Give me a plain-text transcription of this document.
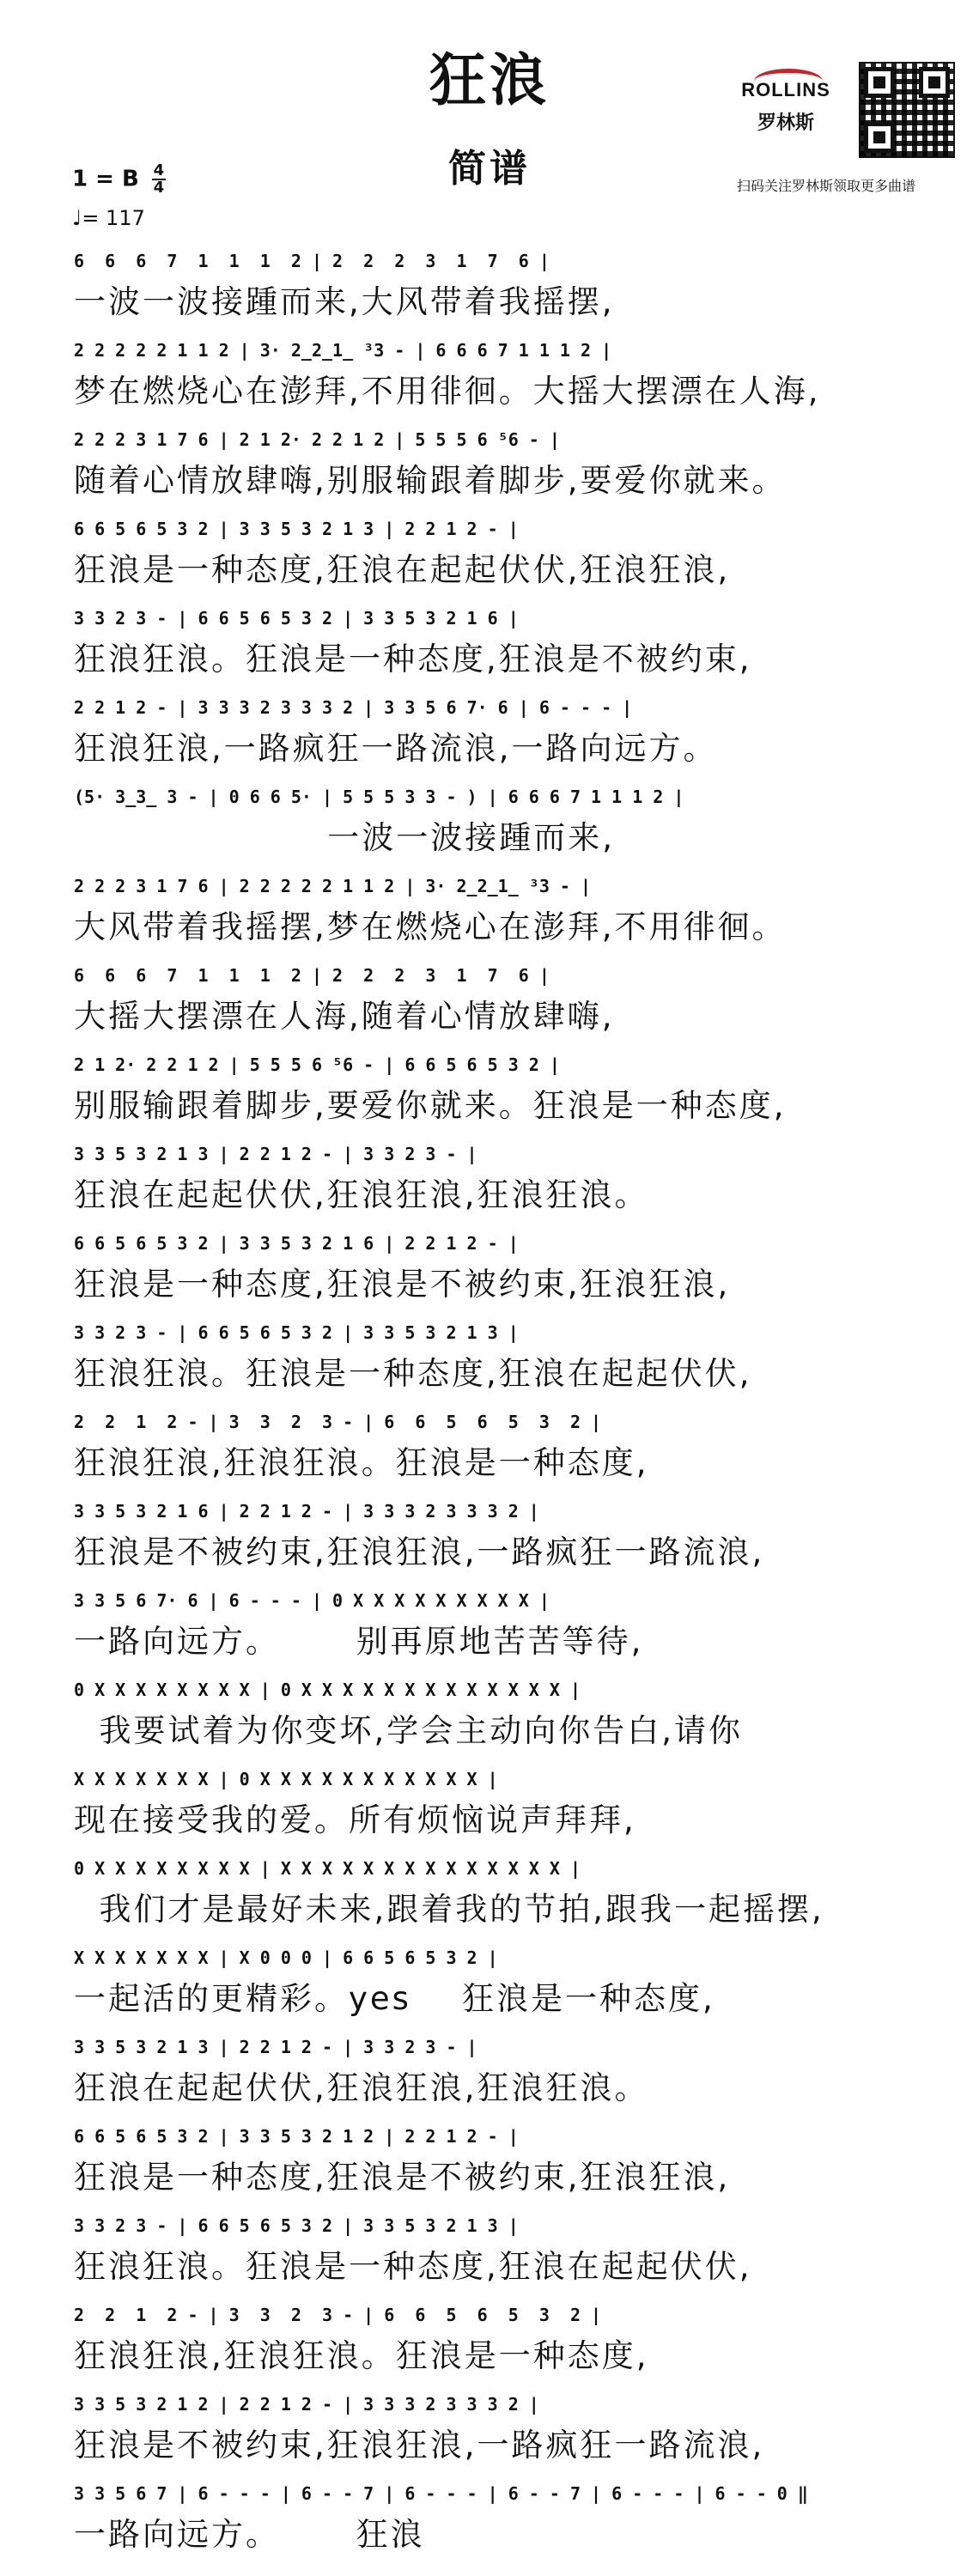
狂浪
简谱
1 = B $\frac{4}{4}$
♩= 117
ROLLINS
罗林斯
扫码关注罗林斯领取更多曲谱
6  6  6  7  1  1  1  2 | 2  2  2  3  1  7  6 |
一波一波接踵而来,大风带着我摇摆,
2 2 2 2 2 1 1 2 | 3· 2̲2̲1̲ ³3 - | 6 6 6 7 1 1 1 2 |
梦在燃烧心在澎拜,不用徘徊。大摇大摆漂在人海,
2 2 2 3 1 7 6 | 2 1 2· 2 2 1 2 | 5 5 5 6 ⁵6 - |
随着心情放肆嗨,别服输跟着脚步,要爱你就来。
6 6 5 6 5 3 2 | 3 3 5 3 2 1 3 | 2 2 1 2 - |
狂浪是一种态度,狂浪在起起伏伏,狂浪狂浪,
3 3 2 3 - | 6 6 5 6 5 3 2 | 3 3 5 3 2 1 6 |
狂浪狂浪。狂浪是一种态度,狂浪是不被约束,
2 2 1 2 - | 3 3 3 2 3 3 3 2 | 3 3 5 6 7· 6 | 6 - - - |
狂浪狂浪,一路疯狂一路流浪,一路向远方。
(5· 3̲3̲ 3 - | 0 6 6 5· | 5 5 5 3 3 - ) | 6 6 6 7 1 1 1 2 |
一波一波接踵而来,
2 2 2 3 1 7 6 | 2 2 2 2 2 1 1 2 | 3· 2̲2̲1̲ ³3 - |
大风带着我摇摆,梦在燃烧心在澎拜,不用徘徊。
6  6  6  7  1  1  1  2 | 2  2  2  3  1  7  6 |
大摇大摆漂在人海,随着心情放肆嗨,
2 1 2· 2 2 1 2 | 5 5 5 6 ⁵6 - | 6 6 5 6 5 3 2 |
别服输跟着脚步,要爱你就来。狂浪是一种态度,
3 3 5 3 2 1 3 | 2 2 1 2 - | 3 3 2 3 - |
狂浪在起起伏伏,狂浪狂浪,狂浪狂浪。
6 6 5 6 5 3 2 | 3 3 5 3 2 1 6 | 2 2 1 2 - |
狂浪是一种态度,狂浪是不被约束,狂浪狂浪,
3 3 2 3 - | 6 6 5 6 5 3 2 | 3 3 5 3 2 1 3 |
狂浪狂浪。狂浪是一种态度,狂浪在起起伏伏,
2  2  1  2 - | 3  3  2  3 - | 6  6  5  6  5  3  2 |
狂浪狂浪,狂浪狂浪。狂浪是一种态度,
3 3 5 3 2 1 6 | 2 2 1 2 - | 3 3 3 2 3 3 3 2 |
狂浪是不被约束,狂浪狂浪,一路疯狂一路流浪,
3 3 5 6 7· 6 | 6 - - - | 0 X X X X X X X X X |
一路向远方。      别再原地苦苦等待,
0 X X X X X X X X | 0 X X X X X X X X X X X X X |
我要试着为你变坏,学会主动向你告白,请你
X X X X X X X | 0 X X X X X X X X X X X |
现在接受我的爱。所有烦恼说声拜拜,
0 X X X X X X X X | X X X X X X X X X X X X X X |
我们才是最好未来,跟着我的节拍,跟我一起摇摆,
X X X X X X X | X 0 0 0 | 6 6 5 6 5 3 2 |
一起活的更精彩。yes    狂浪是一种态度,
3 3 5 3 2 1 3 | 2 2 1 2 - | 3 3 2 3 - |
狂浪在起起伏伏,狂浪狂浪,狂浪狂浪。
6 6 5 6 5 3 2 | 3 3 5 3 2 1 2 | 2 2 1 2 - |
狂浪是一种态度,狂浪是不被约束,狂浪狂浪,
3 3 2 3 - | 6 6 5 6 5 3 2 | 3 3 5 3 2 1 3 |
狂浪狂浪。狂浪是一种态度,狂浪在起起伏伏,
2  2  1  2 - | 3  3  2  3 - | 6  6  5  6  5  3  2 |
狂浪狂浪,狂浪狂浪。狂浪是一种态度,
3 3 5 3 2 1 2 | 2 2 1 2 - | 3 3 3 2 3 3 3 2 |
狂浪是不被约束,狂浪狂浪,一路疯狂一路流浪,
3 3 5 6 7 | 6 - - - | 6 - - 7 | 6 - - - | 6 - - 7 | 6 - - - | 6 - - 0 ‖
一路向远方。      狂浪
